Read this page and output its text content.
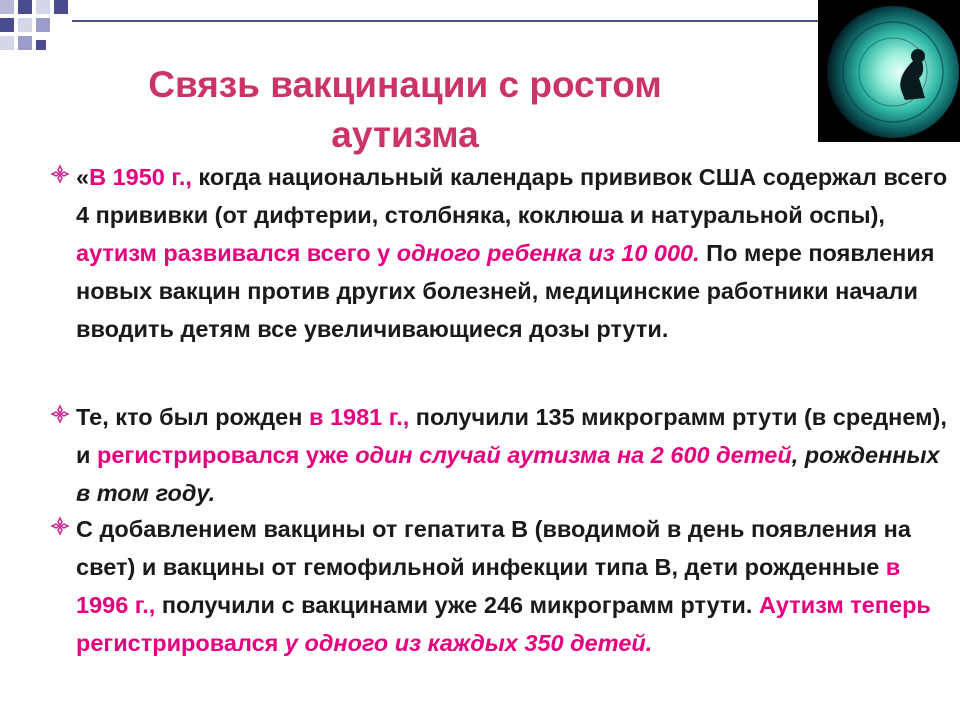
Связь вакцинации с ростом
аутизма
«В 1950 г., когда национальный календарь прививок США содержал всего 4 прививки (от дифтерии, столбняка, коклюша и натуральной оспы), аутизм развивался всего у одного ребенка из 10 000. По мере появления новых вакцин против других болезней, медицинские работники начали вводить детям все увеличивающиеся дозы ртути.
Те, кто был рожден в 1981 г., получили 135 микрограмм ртути (в среднем), и регистрировался уже один случай аутизма на 2 600 детей, рожденных в том году.
С добавлением вакцины от гепатита В (вводимой в день появления на свет) и вакцины от гемофильной инфекции типа В, дети рожденные в 1996 г., получили с вакцинами уже 246 микрограмм ртути. Аутизм теперь регистрировался у одного из каждых 350 детей.
